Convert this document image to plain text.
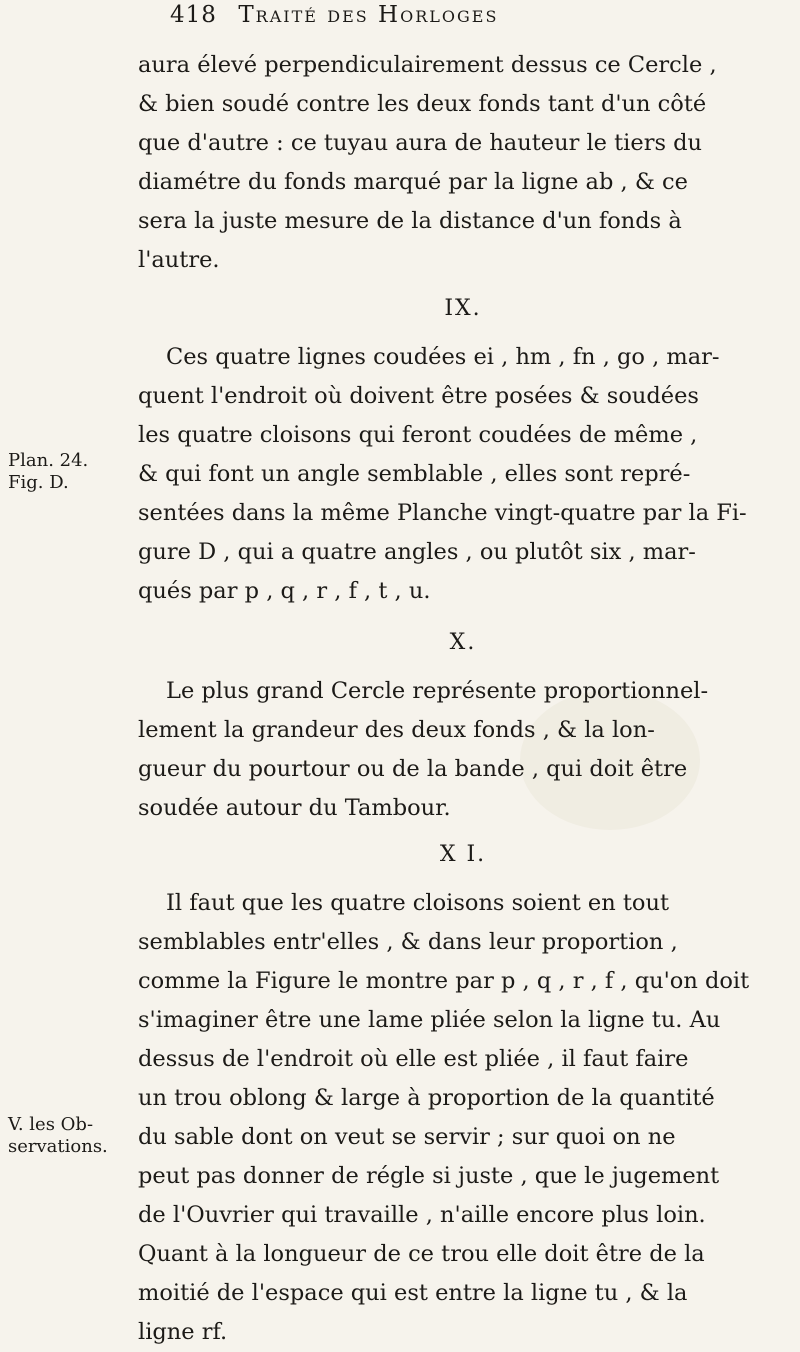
418 Traité des Horloges
aura élevé perpendiculairement dessus ce Cercle ,
& bien soudé contre les deux fonds tant d'un côté
que d'autre : ce tuyau aura de hauteur le tiers du
diamétre du fonds marqué par la ligne ab , & ce
sera la juste mesure de la distance d'un fonds à
l'autre.
IX.
Ces quatre lignes coudées ei , hm , fn , go , mar-
quent l'endroit où doivent être posées & soudées
les quatre cloisons qui feront coudées de même ,
& qui font un angle semblable , elles sont repré-
sentées dans la même Planche vingt-quatre par la Fi-
gure D , qui a quatre angles , ou plutôt six , mar-
qués par p , q , r , f , t , u.
Plan. 24.
Fig. D.
X.
Le plus grand Cercle représente proportionnel-
lement la grandeur des deux fonds , & la lon-
gueur du pourtour ou de la bande , qui doit être
soudée autour du Tambour.
X I.
Il faut que les quatre cloisons soient en tout
semblables entr'elles , & dans leur proportion ,
comme la Figure le montre par p , q , r , f , qu'on doit
s'imaginer être une lame pliée selon la ligne tu. Au
dessus de l'endroit où elle est pliée , il faut faire
un trou oblong & large à proportion de la quantité
du sable dont on veut se servir ; sur quoi on ne
peut pas donner de régle si juste , que le jugement
de l'Ouvrier qui travaille , n'aille encore plus loin.
Quant à la longueur de ce trou elle doit être de la
moitié de l'espace qui est entre la ligne tu , & la
ligne rf.
V. les Ob-
servations.
